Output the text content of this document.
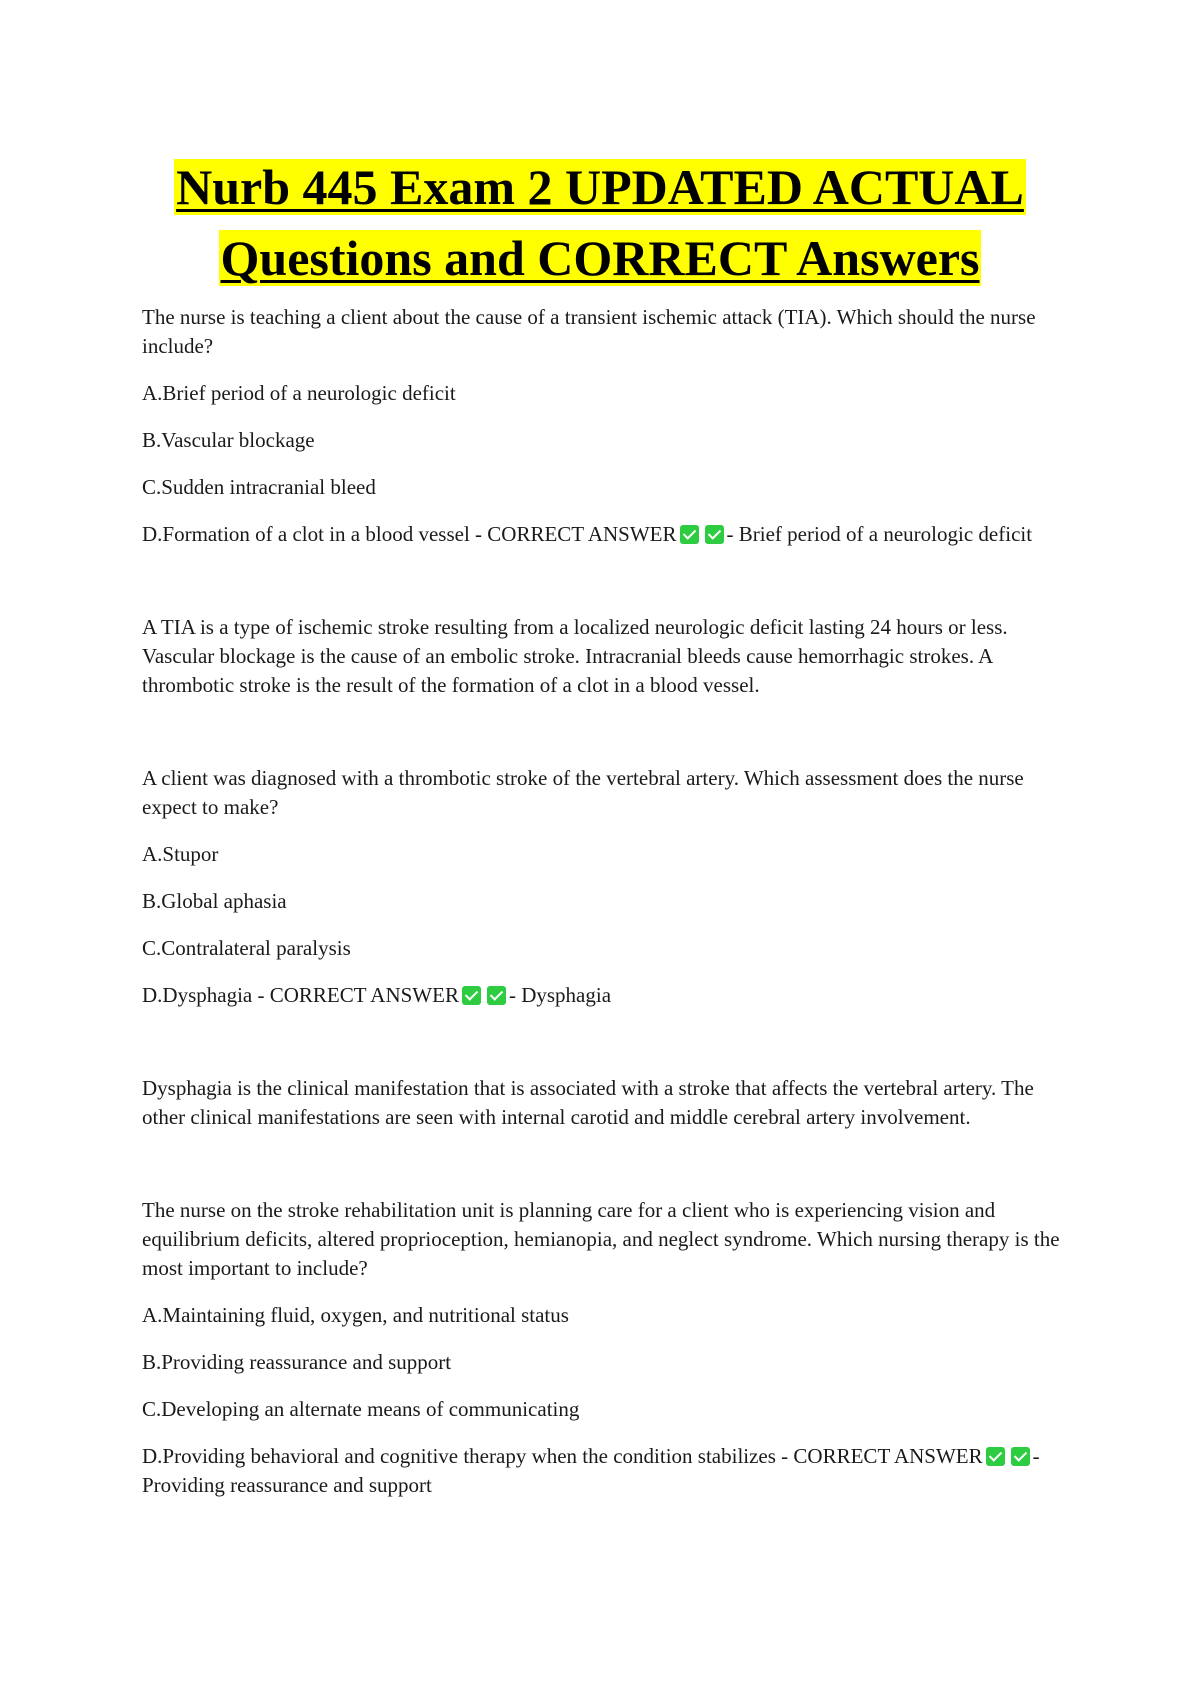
Nurb 445 Exam 2 UPDATED ACTUAL
Questions and CORRECT Answers

The nurse is teaching a client about the cause of a transient ischemic attack (TIA). Which should the nurse include?

A.Brief period of a neurologic deficit

B.Vascular blockage

C.Sudden intracranial bleed

D.Formation of a clot in a blood vessel - CORRECT ANSWER - Brief period of a neurologic deficit

A TIA is a type of ischemic stroke resulting from a localized neurologic deficit lasting 24 hours or less. Vascular blockage is the cause of an embolic stroke. Intracranial bleeds cause hemorrhagic strokes. A thrombotic stroke is the result of the formation of a clot in a blood vessel.

A client was diagnosed with a thrombotic stroke of the vertebral artery. Which assessment does the nurse expect to make?

A.Stupor

B.Global aphasia

C.Contralateral paralysis

D.Dysphagia - CORRECT ANSWER - Dysphagia

Dysphagia is the clinical manifestation that is associated with a stroke that affects the vertebral artery. The other clinical manifestations are seen with internal carotid and middle cerebral artery involvement.

The nurse on the stroke rehabilitation unit is planning care for a client who is experiencing vision and equilibrium deficits, altered proprioception, hemianopia, and neglect syndrome. Which nursing therapy is the most important to include?

A.Maintaining fluid, oxygen, and nutritional status

B.Providing reassurance and support

C.Developing an alternate means of communicating

D.Providing behavioral and cognitive therapy when the condition stabilizes - CORRECT ANSWER - Providing reassurance and support
